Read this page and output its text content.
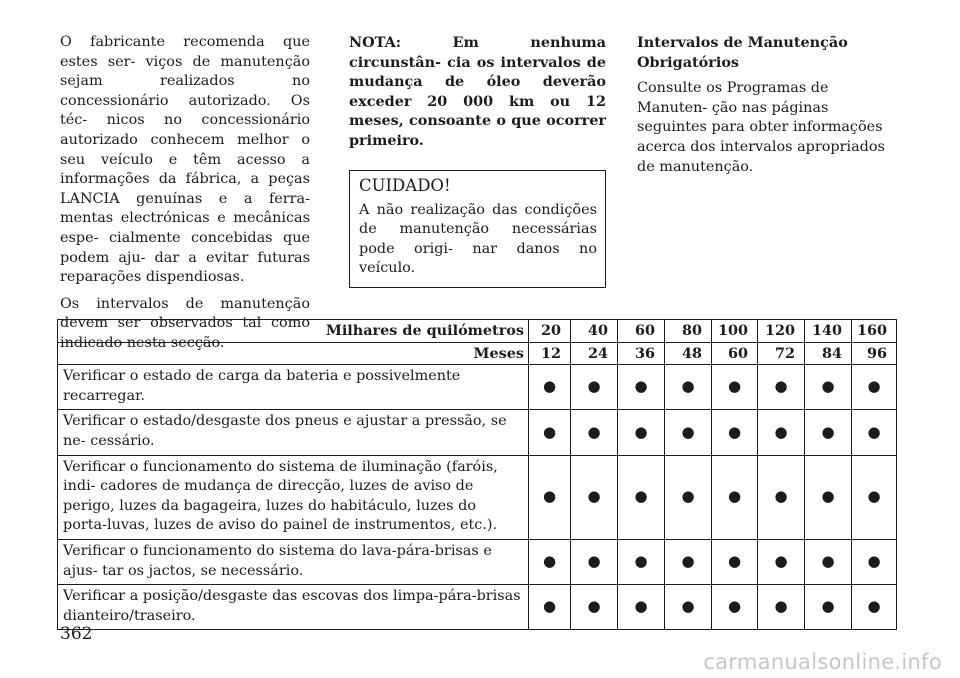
O fabricante recomenda que estes ser- viços de manutenção sejam realizados no concessionário autorizado. Os téc- nicos no concessionário autorizado conhecem melhor o seu veículo e têm acesso a informações da fábrica, a peças LANCIA genuínas e a ferra- mentas electrónicas e mecânicas espe- cialmente concebidas que podem aju- dar a evitar futuras reparações dispendiosas.

Os intervalos de manutenção devem ser observados tal como indicado nesta secção.

NOTA: Em nenhuma circunstân- cia os intervalos de mudança de óleo deverão exceder 20 000 km ou 12 meses, consoante o que ocorrer primeiro.

CUIDADO!

A não realização das condições de manutenção necessárias pode origi- nar danos no veículo.

Intervalos de Manutenção Obrigatórios

Consulte os Programas de Manuten- ção nas páginas seguintes para obter informações acerca dos intervalos apropriados de manutenção.

Milhares de quilómetros	20	40	60	80	100	120	140	160
Meses	12	24	36	48	60	72	84	96
Verificar o estado de carga da bateria e possivelmente recarregar.	●	●	●	●	●	●	●	●
Verificar o estado/desgaste dos pneus e ajustar a pressão, se ne- cessário.	●	●	●	●	●	●	●	●
Verificar o funcionamento do sistema de iluminação (faróis, indi- cadores de mudança de direcção, luzes de aviso de perigo, luzes da bagageira, luzes do habitáculo, luzes do porta-luvas, luzes de aviso do painel de instrumentos, etc.).	●	●	●	●	●	●	●	●
Verificar o funcionamento do sistema do lava-pára-brisas e ajus- tar os jactos, se necessário.	●	●	●	●	●	●	●	●
Verificar a posição/desgaste das escovas dos limpa-pára-brisas dianteiro/traseiro.	●	●	●	●	●	●	●	●
362
carmanualsonline.info
